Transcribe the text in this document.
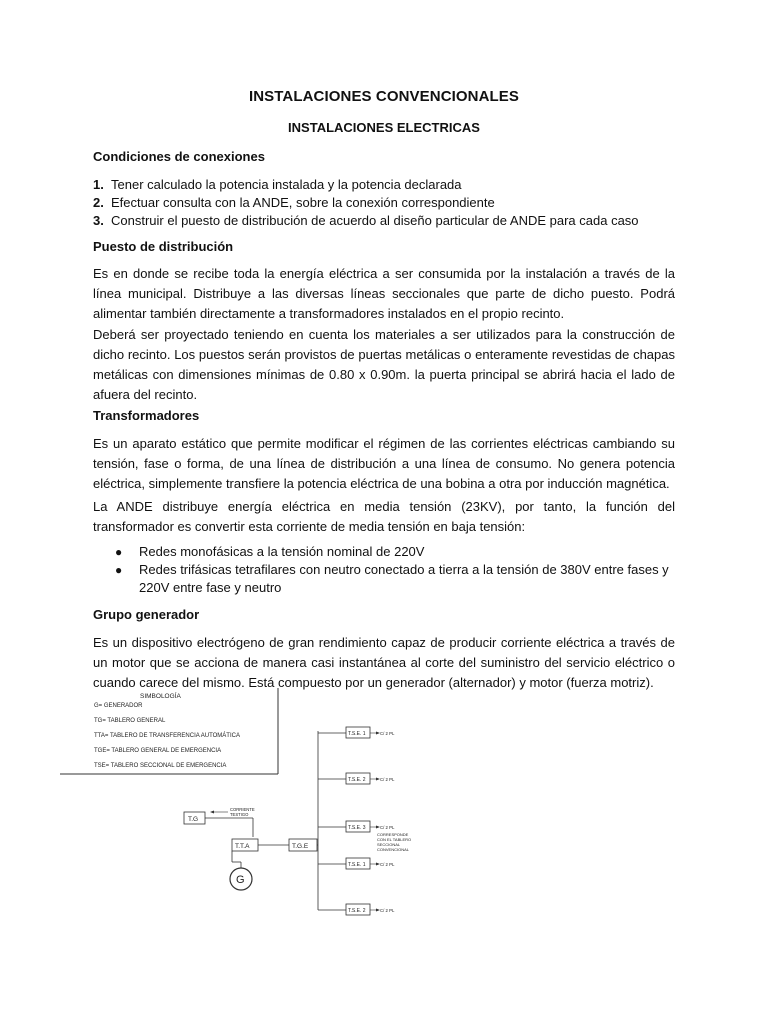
INSTALACIONES CONVENCIONALES
INSTALACIONES ELECTRICAS
Condiciones de conexiones
1. Tener calculado la potencia instalada y la potencia declarada
2. Efectuar consulta con la ANDE, sobre la conexión correspondiente
3. Construir el puesto de distribución de acuerdo al diseño particular de ANDE para cada caso
Puesto de distribución
Es en donde se recibe toda la energía eléctrica a ser consumida por la instalación a través de la línea municipal. Distribuye a las diversas líneas seccionales que parte de dicho puesto. Podrá alimentar también directamente a transformadores instalados en el propio recinto.
Deberá ser proyectado teniendo en cuenta los materiales a ser utilizados para la construcción de dicho recinto. Los puestos serán provistos de puertas metálicas o enteramente revestidas de chapas metálicas con dimensiones mínimas de 0.80 x 0.90m. la puerta principal se abrirá hacia el lado de afuera del recinto.
Transformadores
Es un aparato estático que permite modificar el régimen de las corrientes eléctricas cambiando su tensión, fase o forma, de una línea de distribución a una línea de consumo. No genera potencia eléctrica, simplemente transfiere la potencia eléctrica de una bobina a otra por inducción magnética.
La ANDE distribuye energía eléctrica en media tensión (23KV), por tanto, la función del transformador es convertir esta corriente de media tensión en baja tensión:
● Redes monofásicas a la tensión nominal de 220V
● Redes trifásicas tetrafilares con neutro conectado a tierra a la tensión de 380V entre fases y 220V entre fase y neutro
Grupo generador
Es un dispositivo electrógeno de gran rendimiento capaz de producir corriente eléctrica a través de un motor que se acciona de manera casi instantánea al corte del suministro del servicio eléctrico o cuando carece del mismo. Está compuesto por un generador (alternador) y motor (fuerza motriz).
SIMBOLOGÍA
G= GENERADOR
TG= TABLERO GENERAL
TTA= TABLERO DE TRANSFERENCIA AUTOMÁTICA
TGE= TABLERO GENERAL DE EMERGENCIA
TSE= TABLERO SECCIONAL DE EMERGENCIA
T.G
CORRIENTE
TESTIGO
T.T.A
G
T.G.E
T.S.E. 1	C/ 2 PL
T.S.E. 2	C/ 2 PL
T.S.E. 3	C/ 2 PL
CORRESPONDE
CON EL TABLERO
SECCIONAL
CONVENCIONAL
T.S.E. 1	C/ 2 PL
T.S.E. 2	C/ 2 PL
